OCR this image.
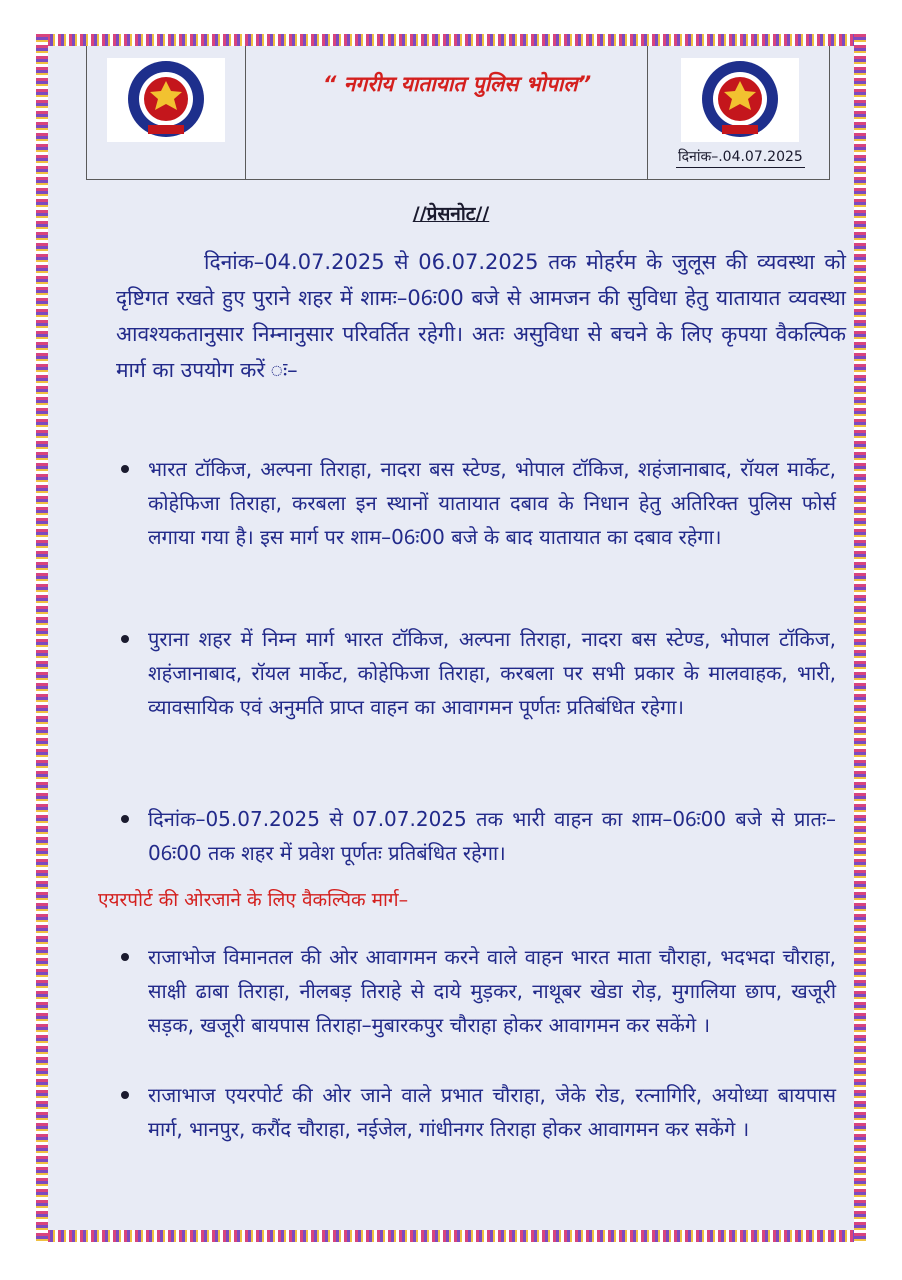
“ नगरीय यातायात पुलिस भोपाल”
दिनांक–.04.07.2025
//प्रेसनोट//

दिनांक–04.07.2025 से 06.07.2025 तक मोहर्रम के जुलूस की व्यवस्था को दृष्टिगत रखते हुए पुराने शहर में शामः–06ः00 बजे से आमजन की सुविधा हेतु यातायात व्यवस्था आवश्यकतानुसार निम्नानुसार परिवर्तित रहेगी। अतः असुविधा से बचने के लिए कृपया वैकल्पिक मार्ग का उपयोग करें ः–

भारत टॉकिज, अल्पना तिराहा, नादरा बस स्टेण्ड, भोपाल टॉकिज, शहंजानाबाद, रॉयल मार्केट, कोहेफिजा तिराहा, करबला इन स्थानों यातायात दबाव के निधान हेतु अतिरिक्त पुलिस फोर्स लगाया गया है। इस मार्ग पर शाम–06ः00 बजे के बाद यातायात का दबाव रहेगा।
पुराना शहर में निम्न मार्ग भारत टॉकिज, अल्पना तिराहा, नादरा बस स्टेण्ड, भोपाल टॉकिज, शहंजानाबाद, रॉयल मार्केट, कोहेफिजा तिराहा, करबला पर सभी प्रकार के मालवाहक, भारी, व्यावसायिक एवं अनुमति प्राप्त वाहन का आवागमन पूर्णतः प्रतिबंधित रहेगा।
दिनांक–05.07.2025 से 07.07.2025 तक भारी वाहन का शाम–06ः00 बजे से प्रातः–06ः00 तक शहर में प्रवेश पूर्णतः प्रतिबंधित रहेगा।
एयरपोर्ट की ओरजाने के लिए वैकल्पिक मार्ग–
राजाभोज विमानतल की ओर आवागमन करने वाले वाहन भारत माता चौराहा, भदभदा चौराहा, साक्षी ढाबा तिराहा, नीलबड़ तिराहे से दाये मुड़कर, नाथूबर खेडा रोड़, मुगालिया छाप, खजूरी सड़क, खजूरी बायपास तिराहा–मुबारकपुर चौराहा होकर आवागमन कर सकेंगे ।
राजाभाज एयरपोर्ट की ओर जाने वाले प्रभात चौराहा, जेके रोड, रत्नागिरि, अयोध्या बायपास मार्ग, भानपुर, करौंद चौराहा, नईजेल, गांधीनगर तिराहा होकर आवागमन कर सकेंगे ।
